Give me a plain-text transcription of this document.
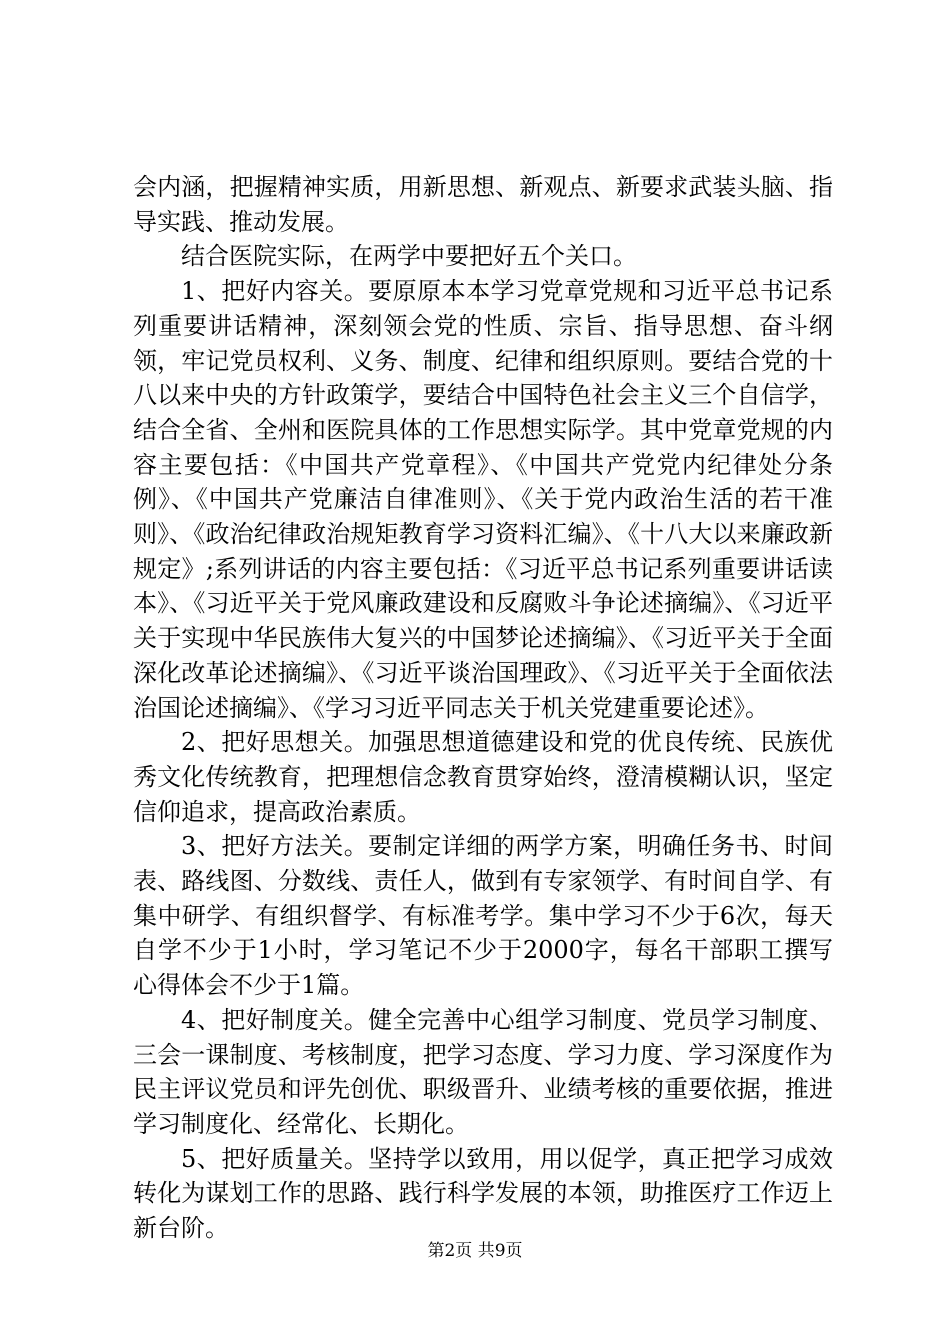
会内涵，把握精神实质，用新思想、新观点、新要求武装头脑、指导实践、推动发展。

结合医院实际，在两学中要把好五个关口。

1、把好内容关。要原原本本学习党章党规和习近平总书记系列重要讲话精神，深刻领会党的性质、宗旨、指导思想、奋斗纲领，牢记党员权利、义务、制度、纪律和组织原则。要结合党的十八以来中央的方针政策学，要结合中国特色社会主义三个自信学，结合全省、全州和医院具体的工作思想实际学。其中党章党规的内容主要包括：《中国共产党章程》、《中国共产党党内纪律处分条例》、《中国共产党廉洁自律准则》、《关于党内政治生活的若干准则》、《政治纪律政治规矩教育学习资料汇编》、《十八大以来廉政新规定》;系列讲话的内容主要包括：《习近平总书记系列重要讲话读本》、《习近平关于党风廉政建设和反腐败斗争论述摘编》、《习近平关于实现中华民族伟大复兴的中国梦论述摘编》、《习近平关于全面深化改革论述摘编》、《习近平谈治国理政》、《习近平关于全面依法治国论述摘编》、《学习习近平同志关于机关党建重要论述》。

2、把好思想关。加强思想道德建设和党的优良传统、民族优秀文化传统教育，把理想信念教育贯穿始终，澄清模糊认识，坚定信仰追求，提高政治素质。

3、把好方法关。要制定详细的两学方案，明确任务书、时间表、路线图、分数线、责任人，做到有专家领学、有时间自学、有集中研学、有组织督学、有标准考学。集中学习不少于6次，每天自学不少于1小时，学习笔记不少于2000字，每名干部职工撰写心得体会不少于1篇。

4、把好制度关。健全完善中心组学习制度、党员学习制度、三会一课制度、考核制度，把学习态度、学习力度、学习深度作为民主评议党员和评先创优、职级晋升、业绩考核的重要依据，推进学习制度化、经常化、长期化。

5、把好质量关。坚持学以致用，用以促学，真正把学习成效转化为谋划工作的思路、践行科学发展的本领，助推医疗工作迈上新台阶。

第2页 共9页
